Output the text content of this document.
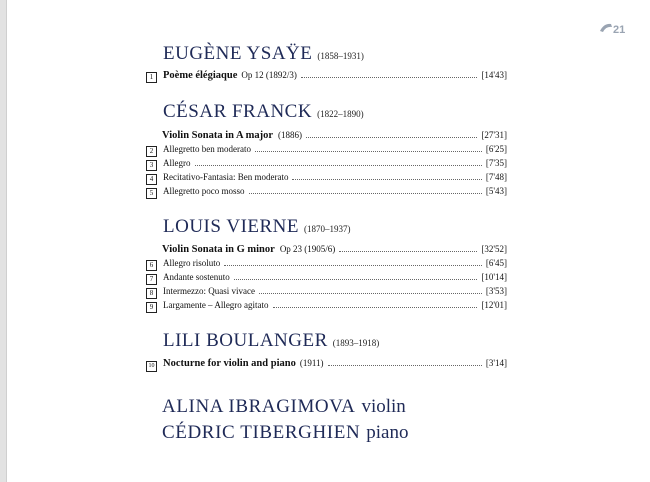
21
EUGÈNE YSAŸE (1858–1931)
1 Poème élégiaque Op 12 (1892/3)	[14'43]
CÉSAR FRANCK (1822–1890)
Violin Sonata in A major (1886)	[27'31]
2	Allegretto ben moderato	[6'25]
3	Allegro	[7'35]
4	Recitativo-Fantasia: Ben moderato	[7'48]
5	Allegretto poco mosso	[5'43]
LOUIS VIERNE (1870–1937)
Violin Sonata in G minor Op 23 (1905/6)	[32'52]
6	Allegro risoluto	[6'45]
7	Andante sostenuto	[10'14]
8	Intermezzo: Quasi vivace	[3'53]
9	Largamente – Allegro agitato	[12'01]
LILI BOULANGER (1893–1918)
10 Nocturne for violin and piano (1911)	[3'14]
ALINA IBRAGIMOVA violin
CÉDRIC TIBERGHIEN piano
